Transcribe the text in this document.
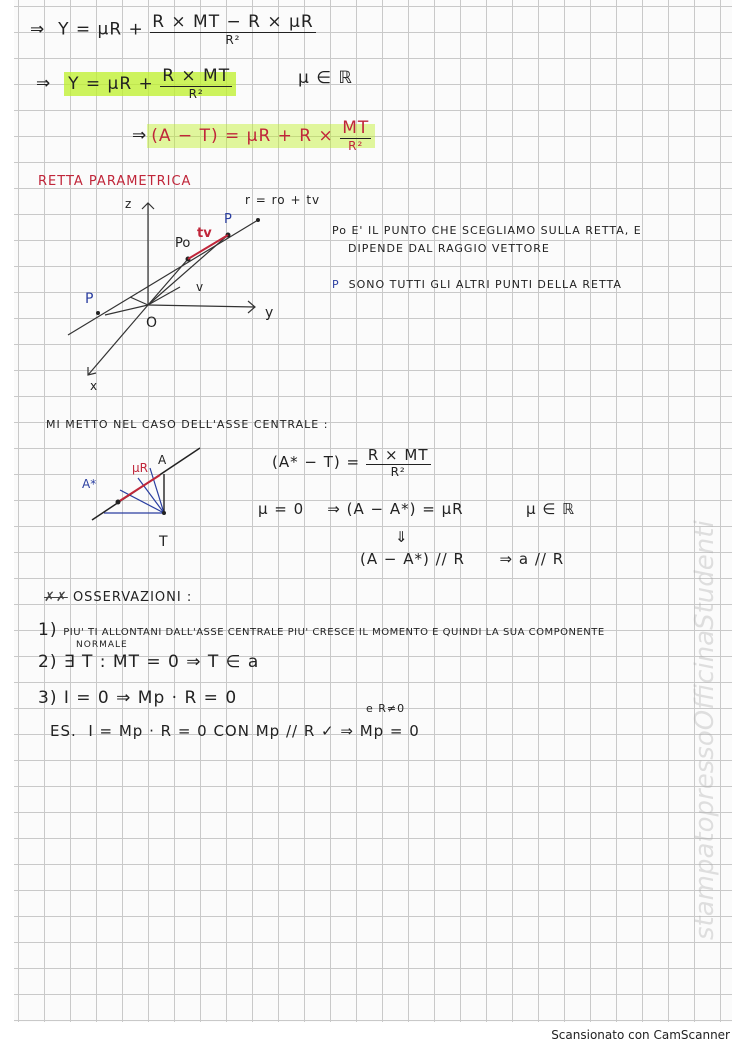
⇒ $Y = \mu R + \frac{R \times MT - R \times \mu R}{\text{R²}}$
⇒ $Y = \mu R + \frac{R \times MT}{\text{R²}}$	μ ∈ ℝ
⇒ $(A - T) = \mu R + R \times \frac{MT}{\text{R²}}$
RETTA PARAMETRICA
r = ro + tv
z
y
x
O
Po
tv
P
P
v
Po E' IL PUNTO CHE SCEGLIAMO SULLA RETTA, E
DIPENDE DAL RAGGIO VETTORE
P SONO TUTTI GLI ALTRI PUNTI DELLA RETTA
MI METTO NEL CASO DELL'ASSE CENTRALE :
A*
μR
A
T
$(A* - T) = \frac{R \times MT}{\text{R²}}$
μ = 0 ⇒ (A − A*) = μR	μ ∈ ℝ
⇓
(A − A*) // R ⇒ a // R
✗✗ OSSERVAZIONI :
1) PIU' TI ALLONTANI DALL'ASSE CENTRALE PIU' CRESCE IL MOMENTO E QUINDI LA SUA COMPONENTE
NORMALE
2) ∃ T : MT = 0 ⇒ T ∈ a
3) I = 0 ⇒ Mp · R = 0
e R≠0
ES. I = Mp · R = 0 CON Mp // R ✓ ⇒ Mp = 0	stampatopressoOfficinaStudenti
Scansionato con CamScanner
